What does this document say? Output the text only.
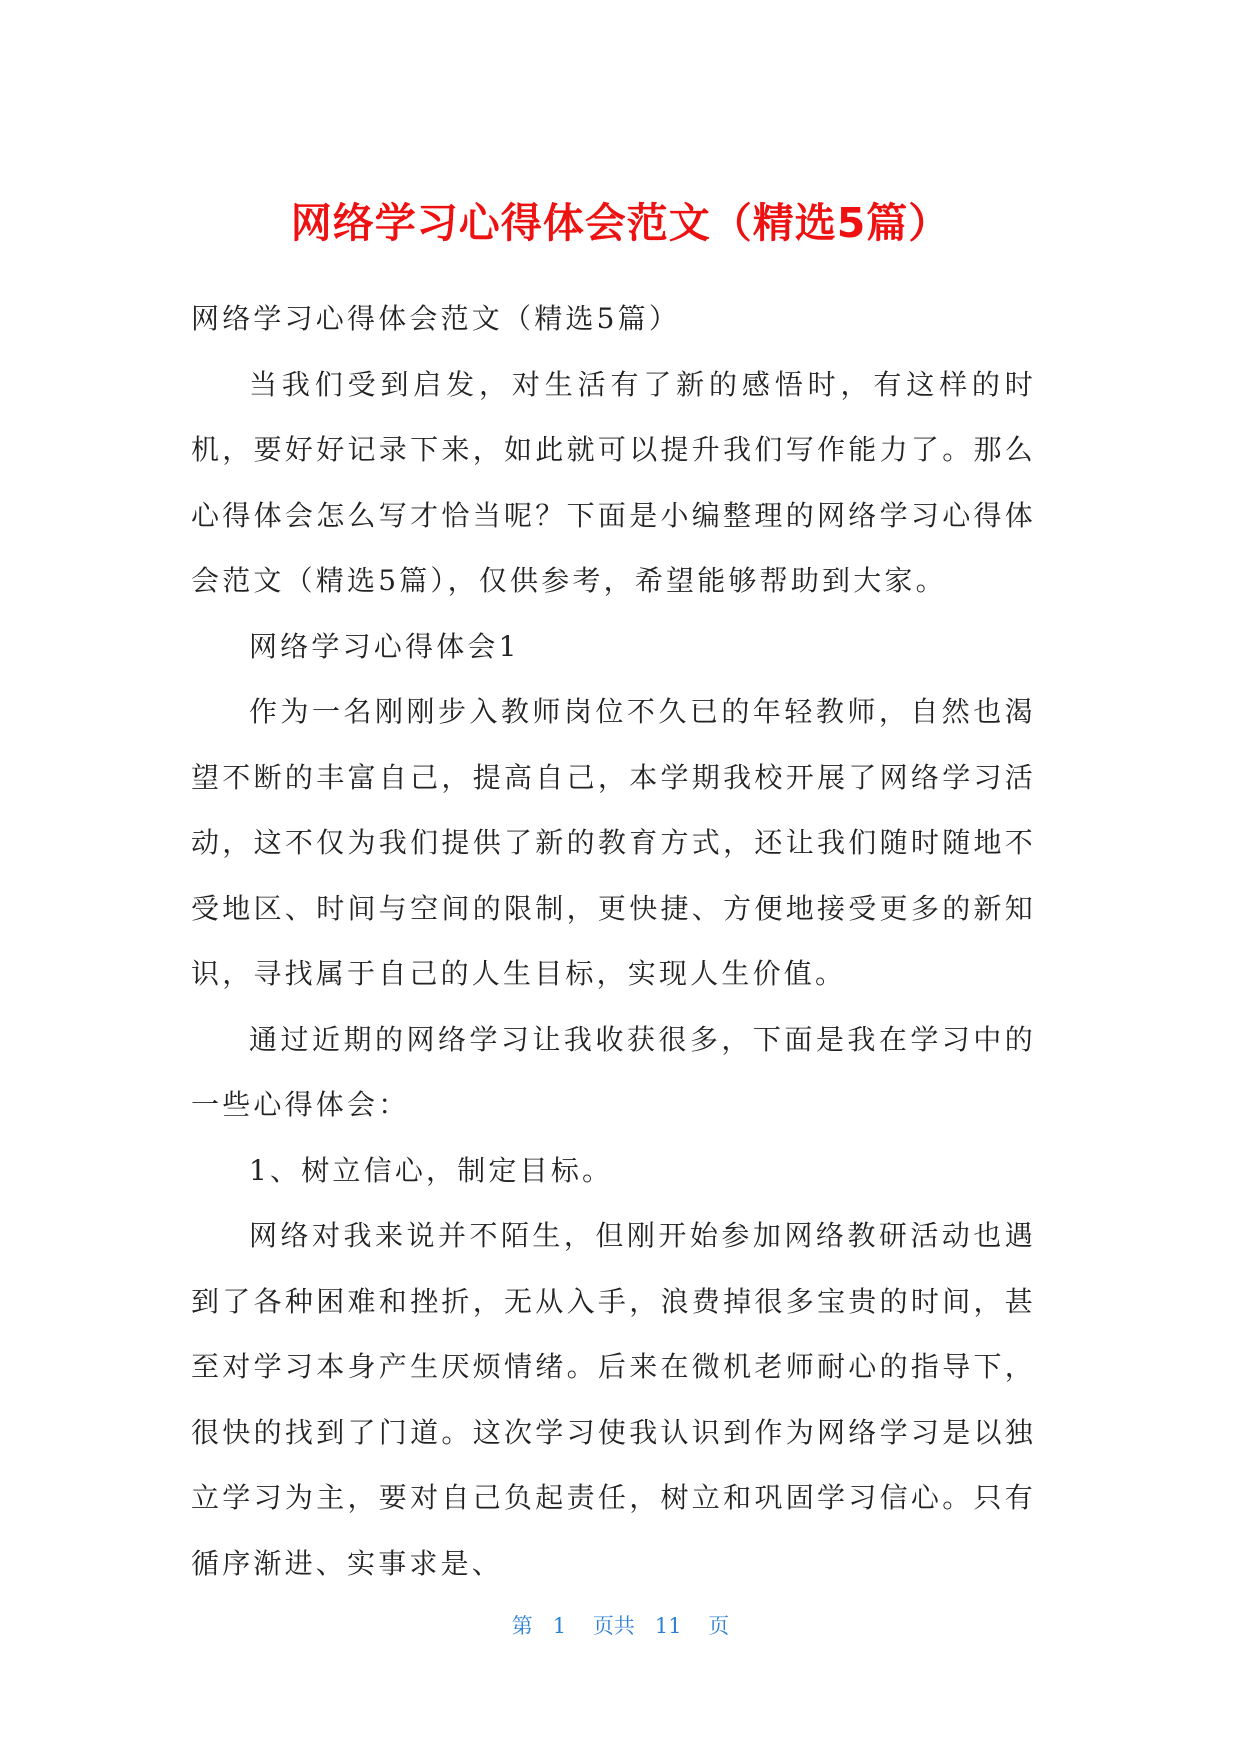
网络学习心得体会范文（精选5篇）

网络学习心得体会范文（精选5篇）

当我们受到启发，对生活有了新的感悟时，有这样的时机，要好好记录下来，如此就可以提升我们写作能力了。那么心得体会怎么写才恰当呢？下面是小编整理的网络学习心得体会范文（精选5篇），仅供参考，希望能够帮助到大家。

网络学习心得体会1

作为一名刚刚步入教师岗位不久已的年轻教师，自然也渴望不断的丰富自己，提高自己，本学期我校开展了网络学习活动，这不仅为我们提供了新的教育方式，还让我们随时随地不受地区、时间与空间的限制，更快捷、方便地接受更多的新知识，寻找属于自己的人生目标，实现人生价值。

通过近期的网络学习让我收获很多，下面是我在学习中的一些心得体会：

1、树立信心，制定目标。

网络对我来说并不陌生，但刚开始参加网络教研活动也遇到了各种困难和挫折，无从入手，浪费掉很多宝贵的时间，甚至对学习本身产生厌烦情绪。后来在微机老师耐心的指导下，很快的找到了门道。这次学习使我认识到作为网络学习是以独立学习为主，要对自己负起责任，树立和巩固学习信心。只有循序渐进、实事求是、

第 1 页共 11 页
